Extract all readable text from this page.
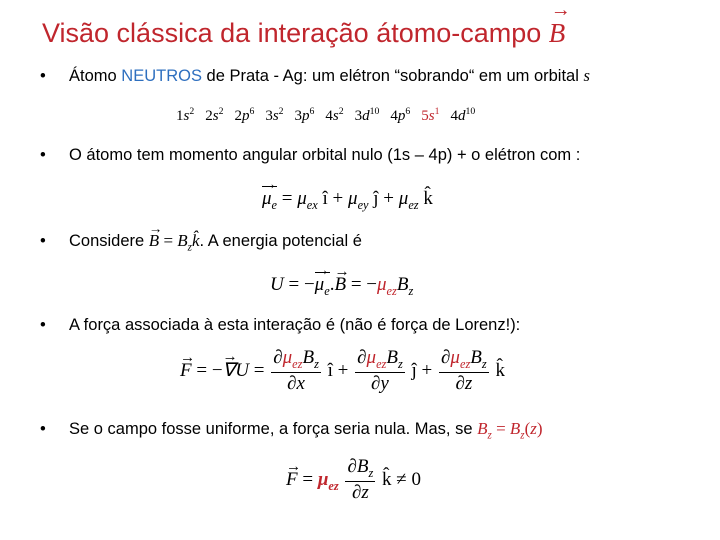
Visão clássica da interação átomo-campo → B
• Átomo NEUTROS de Prata - Ag: um elétron “sobrando“ em um orbital s
$1s^2$ $2s^2$ $2p^6$ $3s^2$ $3p^6$ $4s^2$ $3d^{10}$ $4p^6$ $5s^1$ $4d^{10}$
• O átomo tem momento angular orbital nulo (1s – 4p) + o elétron com :
→ $\mu_e = \mu_{ex}$ î + $\mu_{ey}$ ĵ + $\mu_{ez}$ k̂
• Considere → $B = B_zk̂$. A energia potencial é
U = −→ $\mu_e.\to B = -\mu_{ez}B_z$
• A força associada à esta interação é (não é força de Lorenz!):
→ F = −→ $\nabla U = \frac{\partial\mu_{ez}B_z}{\partial x}$ î + $\frac{\partial\mu_{ez}B_z}{\partial y}$ ĵ + $\frac{\partial\mu_{ez}B_z}{\partial z}$ k̂
• Se o campo fosse uniforme, a força seria nula. Mas, se $B_z = B_z(z)$
→ $F = \mu_{ez} \frac{\partial B_z}{\partial z}$ k̂ ≠ 0
